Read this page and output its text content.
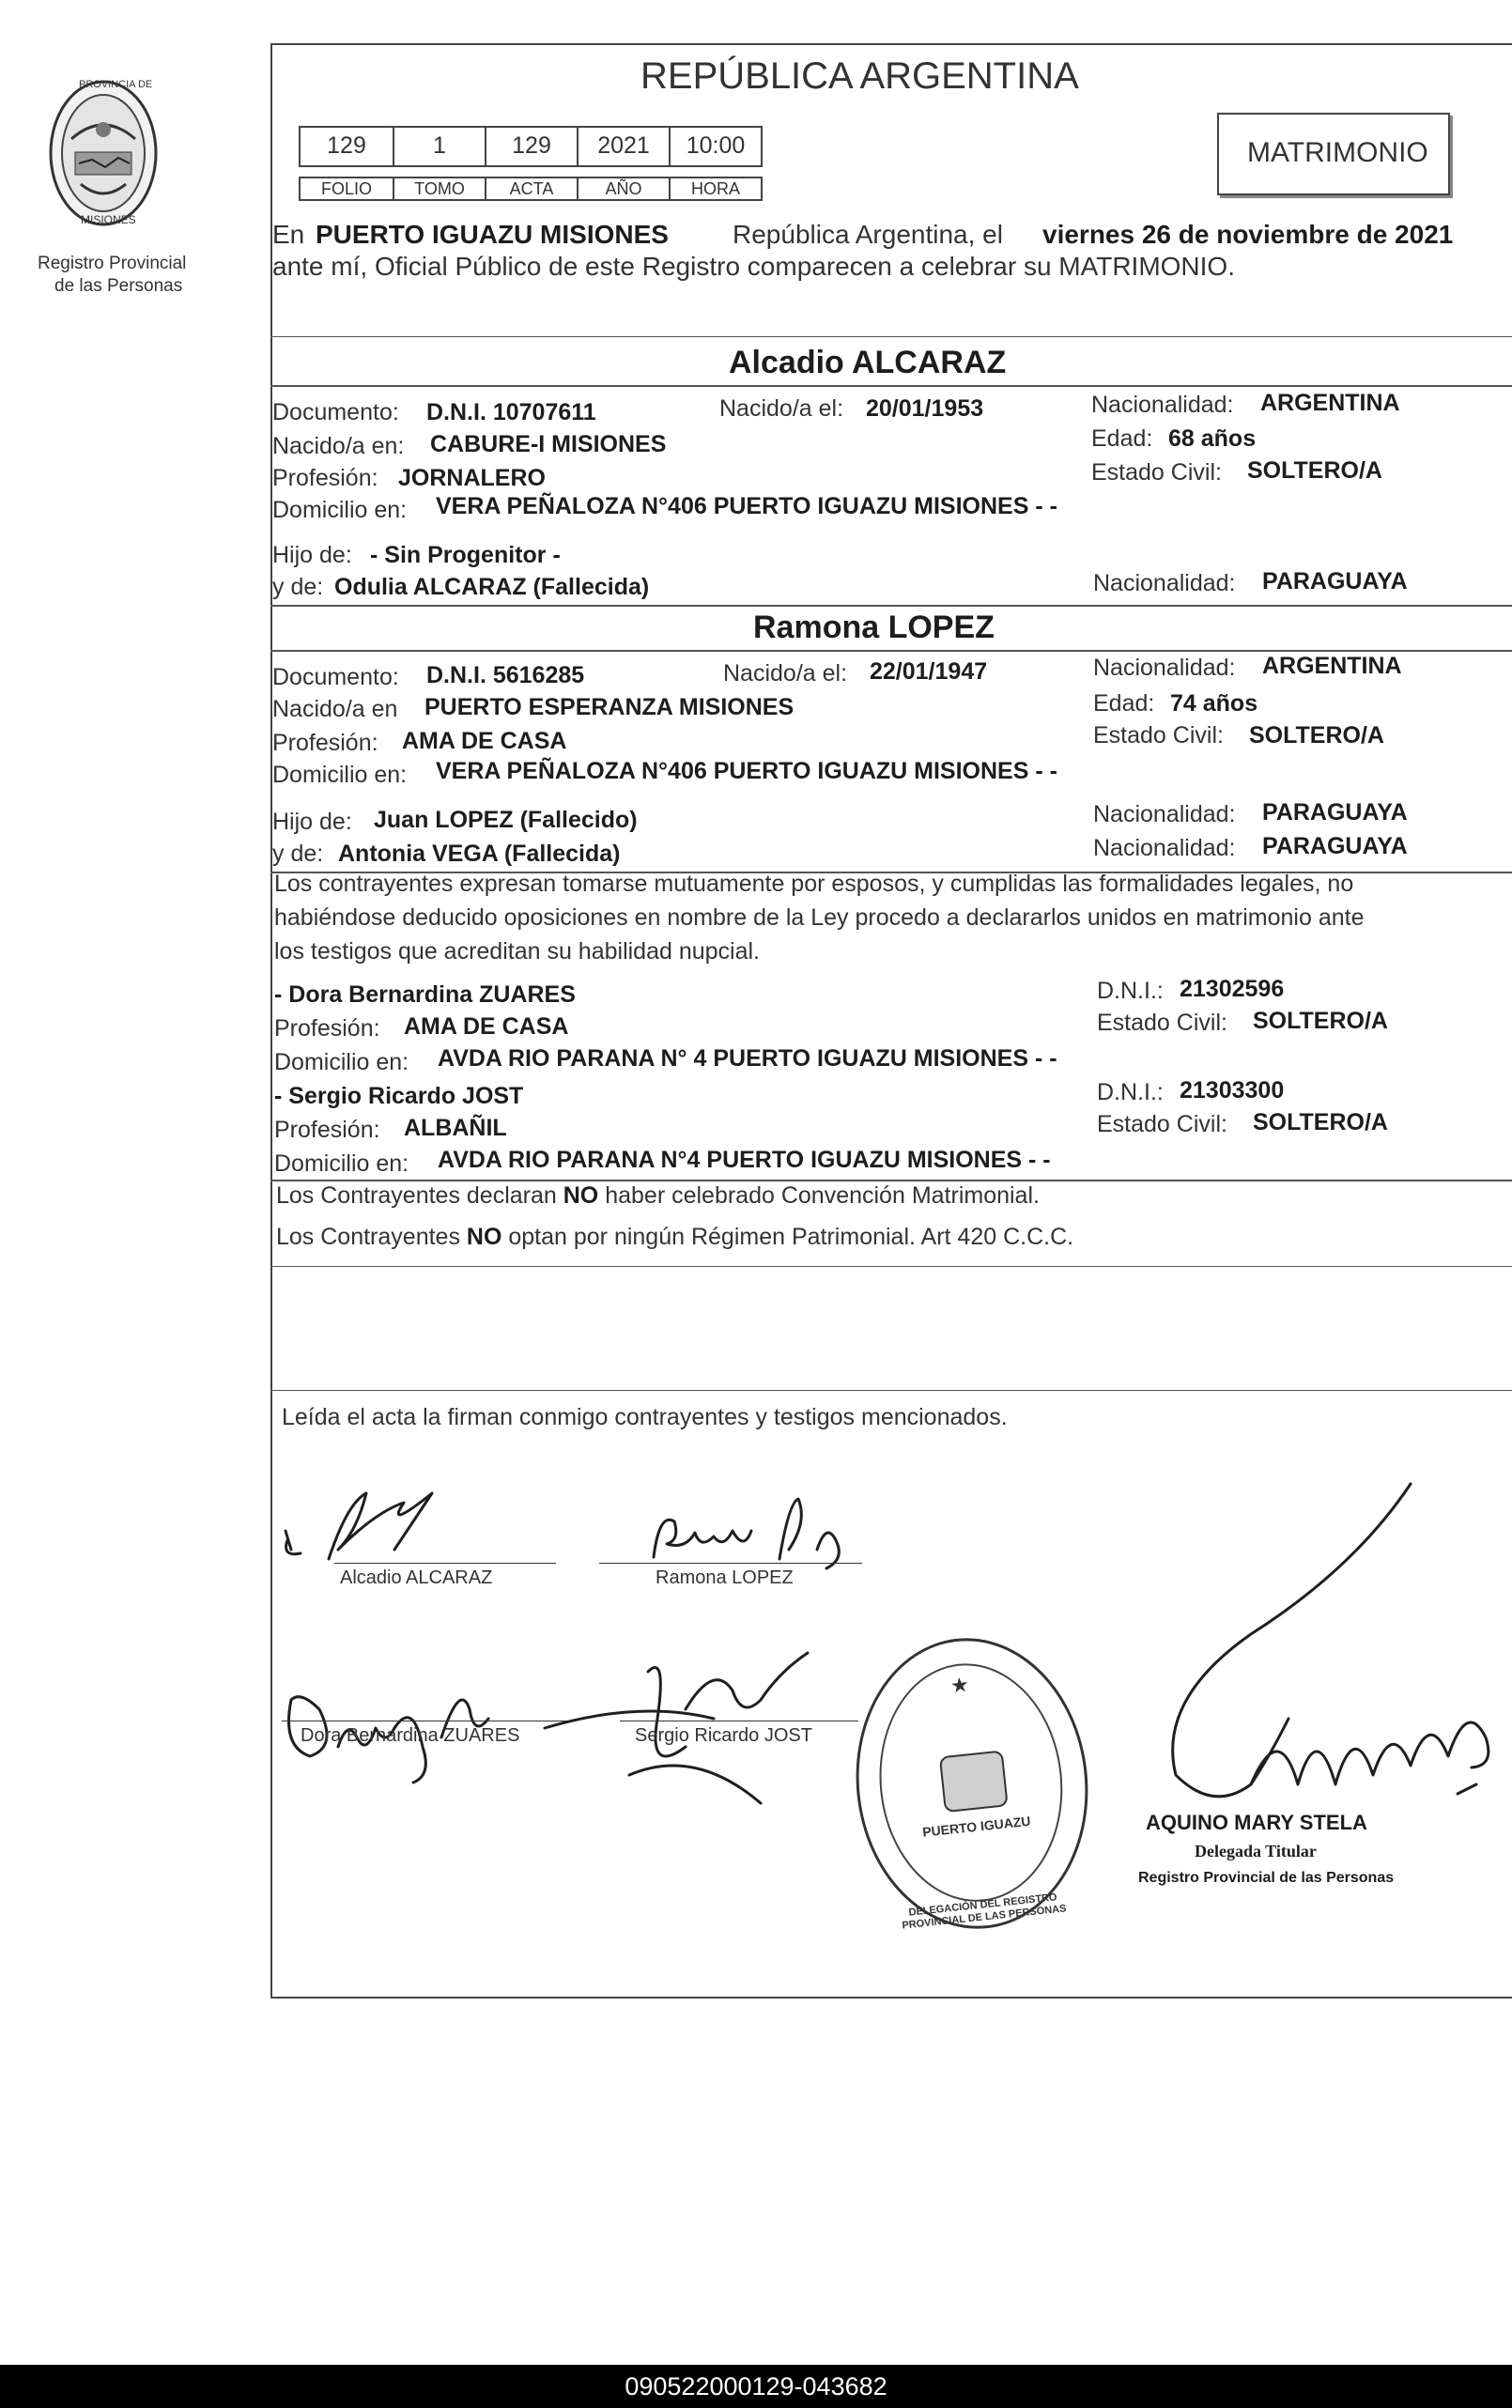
PROVINCIA DE
MISIONES
Registro Provincial
de las Personas
REPÚBLICA ARGENTINA
129	1	129	2021	10:00
FOLIO	TOMO	ACTA	AÑO	HORA
MATRIMONIO
En PUERTO IGUAZU MISIONES República Argentina, el viernes 26 de noviembre de 2021
ante mí, Oficial Público de este Registro comparecen a celebrar su MATRIMONIO.
Alcadio ALCARAZ
Documento: D.N.I. 10707611	Nacido/a el: 20/01/1953	Nacionalidad: ARGENTINA
Nacido/a en: CABURE-I MISIONES	Edad: 68 años
Profesión: JORNALERO	Estado Civil: SOLTERO/A
Domicilio en: VERA PEÑALOZA N°406 PUERTO IGUAZU MISIONES - -
Hijo de: - Sin Progenitor -
y de: Odulia ALCARAZ (Fallecida)	Nacionalidad: PARAGUAYA
Ramona LOPEZ
Documento: D.N.I. 5616285	Nacido/a el: 22/01/1947	Nacionalidad: ARGENTINA
Nacido/a en PUERTO ESPERANZA MISIONES	Edad: 74 años
Profesión: AMA DE CASA	Estado Civil: SOLTERO/A
Domicilio en: VERA PEÑALOZA N°406 PUERTO IGUAZU MISIONES - -
Hijo de: Juan LOPEZ (Fallecido)	Nacionalidad: PARAGUAYA
y de: Antonia VEGA (Fallecida)	Nacionalidad: PARAGUAYA
Los contrayentes expresan tomarse mutuamente por esposos, y cumplidas las formalidades legales, no
habiéndose deducido oposiciones en nombre de la Ley procedo a declararlos unidos en matrimonio ante
los testigos que acreditan su habilidad nupcial.
- Dora Bernardina ZUARES	D.N.I.: 21302596
Profesión: AMA DE CASA	Estado Civil: SOLTERO/A
Domicilio en: AVDA RIO PARANA N° 4 PUERTO IGUAZU MISIONES - -
- Sergio Ricardo JOST	D.N.I.: 21303300
Profesión: ALBAÑIL	Estado Civil: SOLTERO/A
Domicilio en: AVDA RIO PARANA N°4 PUERTO IGUAZU MISIONES - -
Los Contrayentes declaran NO haber celebrado Convención Matrimonial.
Los Contrayentes NO optan por ningún Régimen Patrimonial. Art 420 C.C.C.
Leída el acta la firman conmigo contrayentes y testigos mencionados.
Alcadio ALCARAZ	Ramona LOPEZ
Dora Bernardina ZUARES	Sergio Ricardo JOST
★
DELEGACIÓN DEL REGISTRO PROVINCIAL DE LAS PERSONAS
PUERTO IGUAZU	AQUINO MARY STELA
Delegada Titular
Registro Provincial de las Personas
090522000129-043682
